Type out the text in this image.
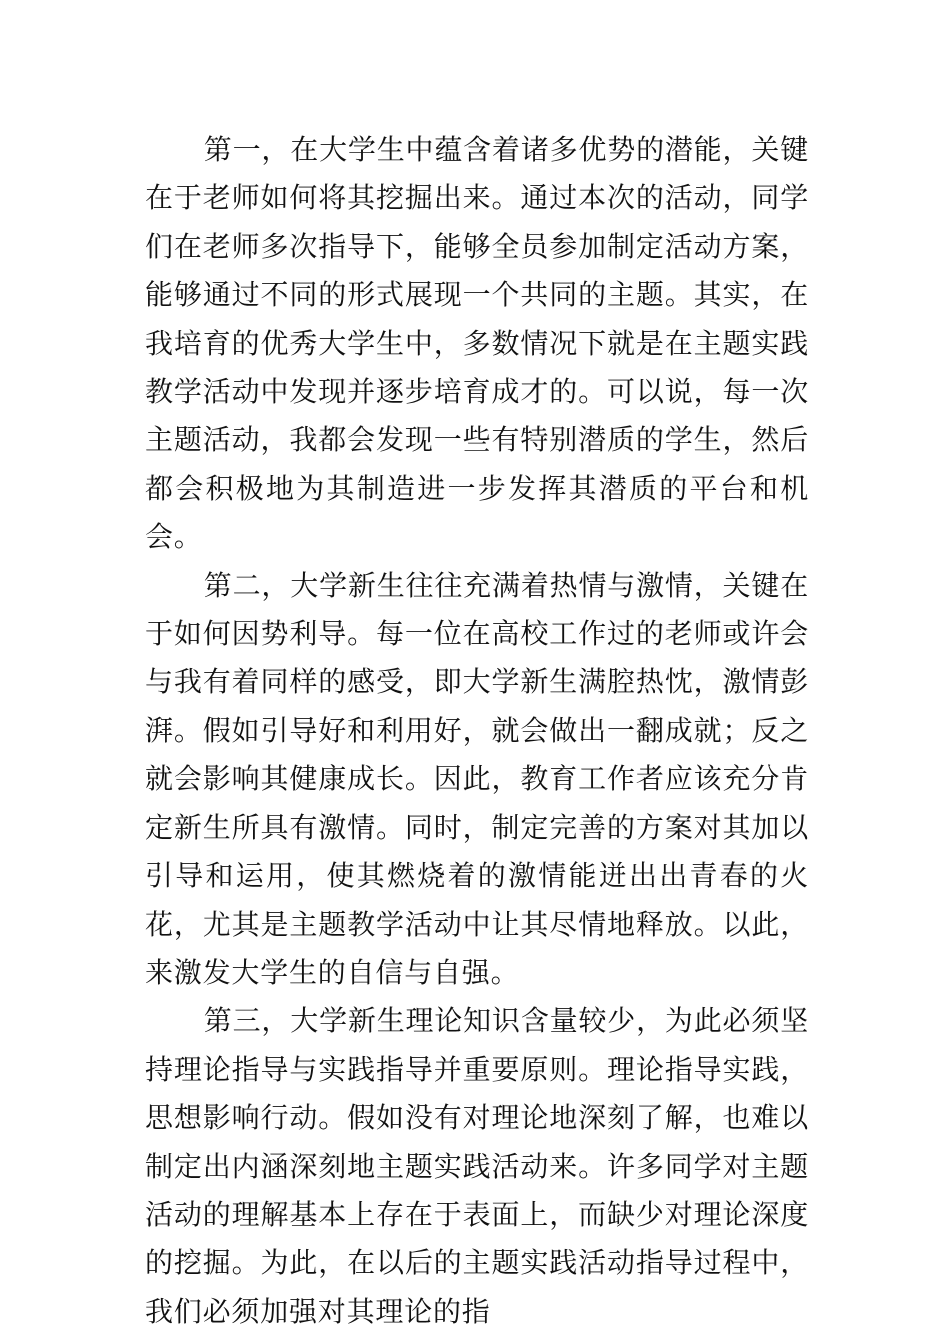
第一，在大学生中蕴含着诸多优势的潜能，关键在于老师如何将其挖掘出来。通过本次的活动，同学们在老师多次指导下，能够全员参加制定活动方案，能够通过不同的形式展现一个共同的主题。其实，在我培育的优秀大学生中，多数情况下就是在主题实践教学活动中发现并逐步培育成才的。可以说，每一次主题活动，我都会发现一些有特别潜质的学生，然后都会积极地为其制造进一步发挥其潜质的平台和机会。

第二，大学新生往往充满着热情与激情，关键在于如何因势利导。每一位在高校工作过的老师或许会与我有着同样的感受，即大学新生满腔热忱，激情彭湃。假如引导好和利用好，就会做出一翻成就；反之就会影响其健康成长。因此，教育工作者应该充分肯定新生所具有激情。同时，制定完善的方案对其加以引导和运用，使其燃烧着的激情能迸出出青春的火花，尤其是主题教学活动中让其尽情地释放。以此，来激发大学生的自信与自强。

第三，大学新生理论知识含量较少，为此必须坚持理论指导与实践指导并重要原则。理论指导实践，思想影响行动。假如没有对理论地深刻了解，也难以制定出内涵深刻地主题实践活动来。许多同学对主题活动的理解基本上存在于表面上，而缺少对理论深度的挖掘。为此，在以后的主题实践活动指导过程中，我们必须加强对其理论的指
